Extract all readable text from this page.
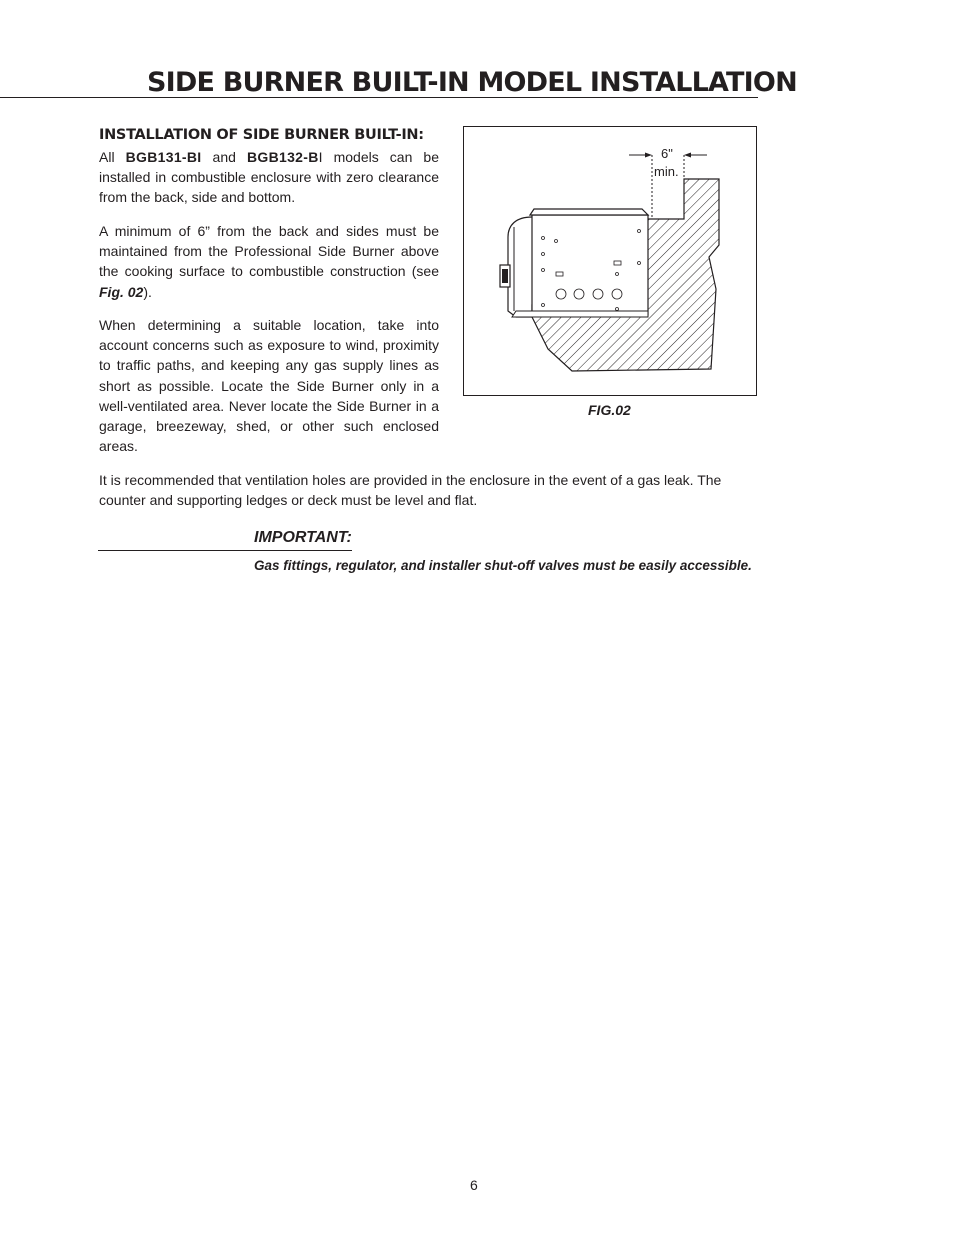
SIDE BURNER BUILT-IN MODEL INSTALLATION
INSTALLATION OF SIDE BURNER BUILT-IN:

All BGB131-BI and BGB132-BI models can be installed in combustible enclosure with zero clearance from the back, side and bottom.

A minimum of 6” from the back and sides must be maintained from the Professional Side Burner above the cooking surface to combustible construction (see Fig. 02).

When determining a suitable location, take into account concerns such as exposure to wind, proximity to traffic paths, and keeping any gas supply lines as short as possible. Locate the Side Burner only in a well-ventilated area. Never locate the Side Burner in a garage, breezeway, shed, or other such enclosed areas.

It is recommended that ventilation holes are provided in the enclosure in the event of a gas leak. The counter and supporting ledges or deck must be level and flat.

6"
min.
FIG.02
IMPORTANT:
Gas fittings, regulator, and installer shut-off valves must be easily accessible.
6
